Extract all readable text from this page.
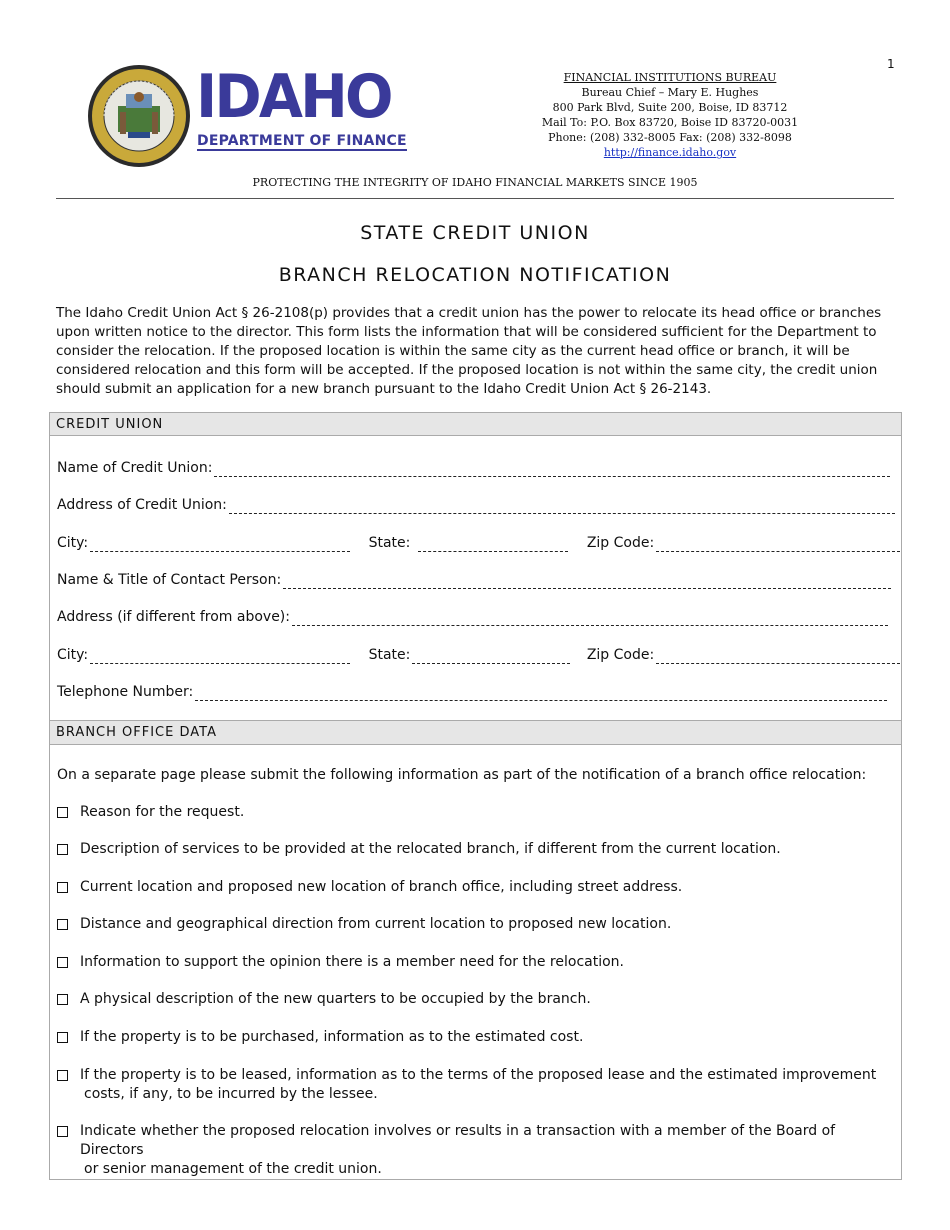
1
IDAHO
DEPARTMENT OF FINANCE
FINANCIAL INSTITUTIONS BUREAU
Bureau Chief – Mary E. Hughes
800 Park Blvd, Suite 200, Boise, ID 83712
Mail To: P.O. Box 83720, Boise ID 83720-0031
Phone: (208) 332-8005 Fax: (208) 332-8098
http://finance.idaho.gov
PROTECTING THE INTEGRITY OF IDAHO FINANCIAL MARKETS SINCE 1905
STATE CREDIT UNION
BRANCH RELOCATION NOTIFICATION
The Idaho Credit Union Act § 26-2108(p) provides that a credit union has the power to relocate its head office or branches upon written notice to the director. This form lists the information that will be considered sufficient for the Department to consider the relocation. If the proposed location is within the same city as the current head office or branch, it will be considered relocation and this form will be accepted. If the proposed location is not within the same city, the credit union should submit an application for a new branch pursuant to the Idaho Credit Union Act § 26-2143.
CREDIT UNION
Name of Credit Union:
Address of Credit Union:
City:	State:	Zip Code:
Name & Title of Contact Person:
Address (if different from above):
City:	State:	Zip Code:
Telephone Number:
BRANCH OFFICE DATA
On a separate page please submit the following information as part of the notification of a branch office relocation:
Reason for the request.
Description of services to be provided at the relocated branch, if different from the current location.
Current location and proposed new location of branch office, including street address.
Distance and geographical direction from current location to proposed new location.
Information to support the opinion there is a member need for the relocation.
A physical description of the new quarters to be occupied by the branch.
If the property is to be purchased, information as to the estimated cost.
If the property is to be leased, information as to the terms of the proposed lease and the estimated improvement
costs, if any, to be incurred by the lessee.
Indicate whether the proposed relocation involves or results in a transaction with a member of the Board of Directors
or senior management of the credit union.
